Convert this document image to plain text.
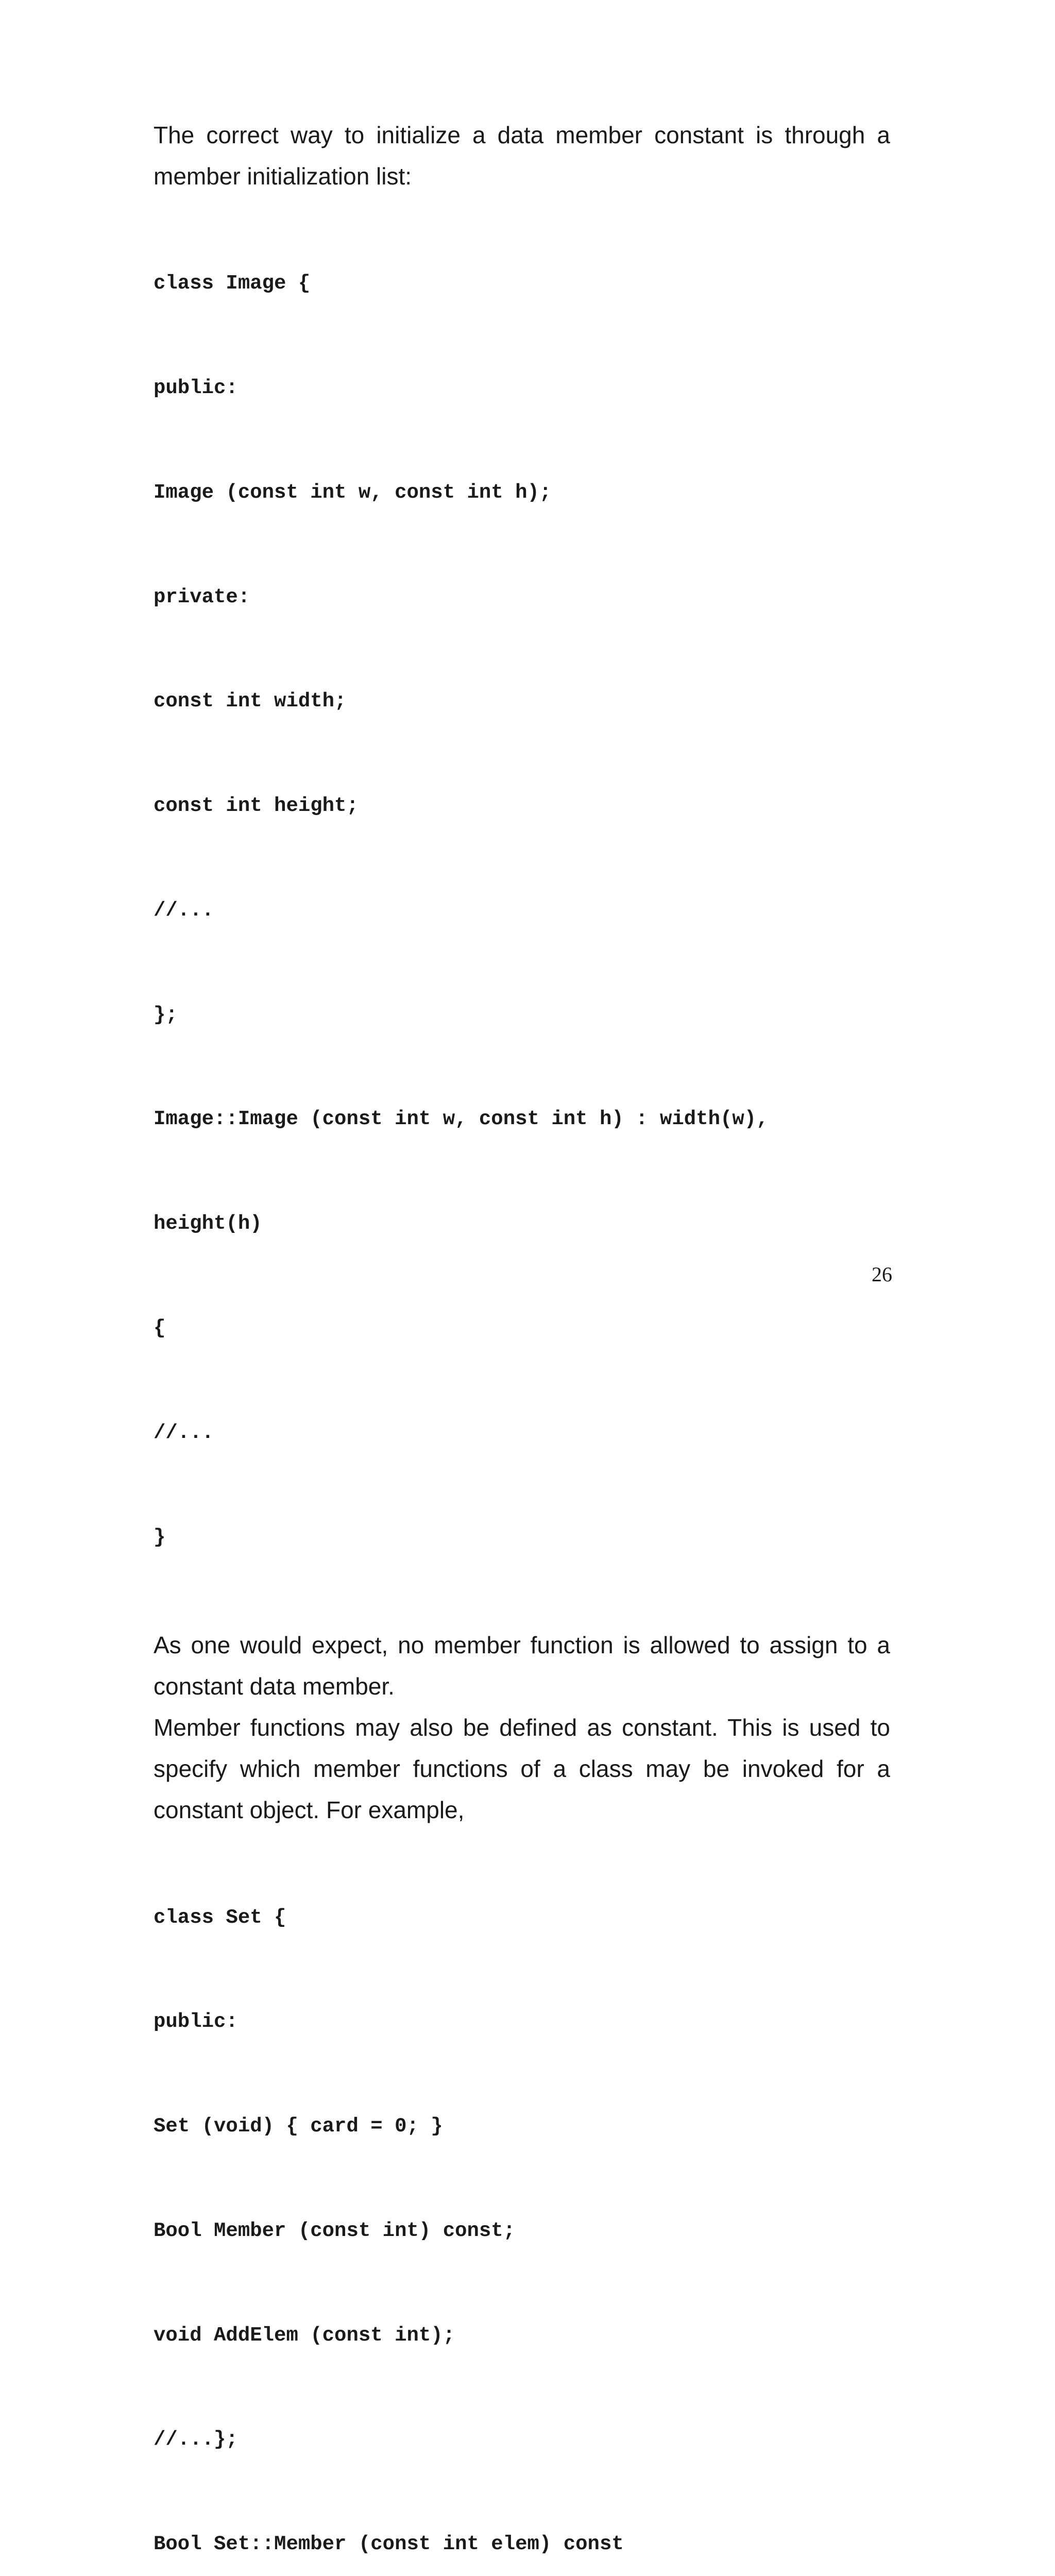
The correct way to initialize a data member constant is through a member initialization list:

class Image {

public:

Image (const int w, const int h);

private:

const int width;

const int height;

//...

};

Image::Image (const int w, const int h) : width(w),

height(h)

{

//...

}

As one would expect, no member function is allowed to assign to a constant data member.

Member functions may also be defined as constant. This is used to specify which member functions of a class may be invoked for a constant object. For example,

class Set {

public:

Set (void) { card = 0; }

Bool Member (const int) const;

void AddElem (const int);

//...};

Bool Set::Member (const int elem) const

26
